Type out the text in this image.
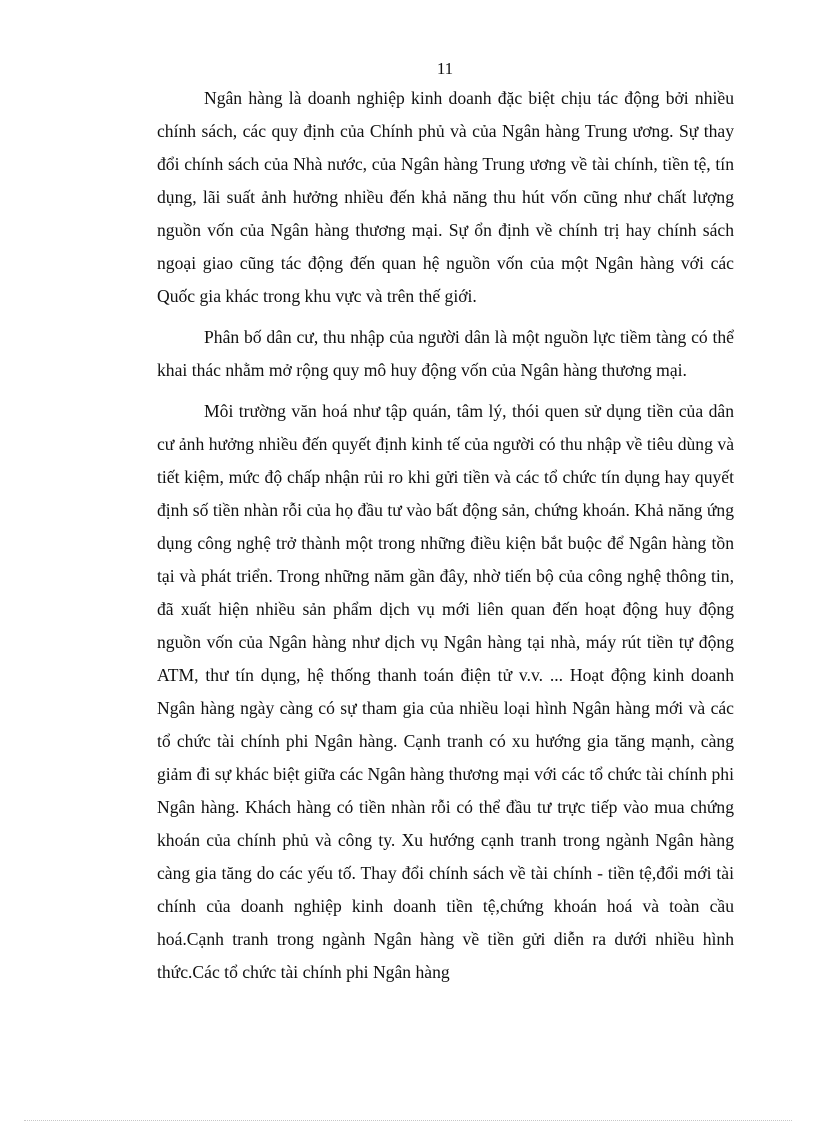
11

Ngân hàng là doanh nghiệp kinh doanh đặc biệt chịu tác động bởi nhiều chính sách, các quy định của Chính phủ và của Ngân hàng Trung ương. Sự thay đổi chính sách của Nhà nước, của Ngân hàng Trung ương về tài chính, tiền tệ, tín dụng, lãi suất ảnh hưởng nhiều đến khả năng thu hút vốn cũng như chất lượng nguồn vốn của Ngân hàng thương mại. Sự ổn định về chính trị hay chính sách ngoại giao cũng tác động đến quan hệ nguồn vốn của một Ngân hàng với các Quốc gia khác trong khu vực và trên thế giới.

Phân bố dân cư, thu nhập của người dân là một nguồn lực tiềm tàng có thể khai thác nhằm mở rộng quy mô huy động vốn của Ngân hàng thương mại.

Môi trường văn hoá như tập quán, tâm lý, thói quen sử dụng tiền của dân cư ảnh hưởng nhiều đến quyết định kinh tế của người có thu nhập về tiêu dùng và tiết kiệm, mức độ chấp nhận rủi ro khi gửi tiền và các tổ chức tín dụng hay quyết định số tiền nhàn rỗi của họ đầu tư vào bất động sản, chứng khoán. Khả năng ứng dụng công nghệ trở thành một trong những điều kiện bắt buộc để Ngân hàng tồn tại và phát triển. Trong những năm gần đây, nhờ tiến bộ của công nghệ thông tin, đã xuất hiện nhiều sản phẩm dịch vụ mới liên quan đến hoạt động huy động nguồn vốn của Ngân hàng như dịch vụ Ngân hàng tại nhà, máy rút tiền tự động ATM, thư tín dụng, hệ thống thanh toán điện tử v.v. ... Hoạt động kinh doanh Ngân hàng ngày càng có sự tham gia của nhiều loại hình Ngân hàng mới và các tổ chức tài chính phi Ngân hàng. Cạnh tranh có xu hướng gia tăng mạnh, càng giảm đi sự khác biệt giữa các Ngân hàng thương mại với các tổ chức tài chính phi Ngân hàng. Khách hàng có tiền nhàn rỗi có thể đầu tư trực tiếp vào mua chứng khoán của chính phủ và công ty. Xu hướng cạnh tranh trong ngành Ngân hàng càng gia tăng do các yếu tố. Thay đổi chính sách về tài chính - tiền tệ,đổi mới tài chính của doanh nghiệp kinh doanh tiền tệ,chứng khoán hoá và toàn cầu hoá.Cạnh tranh trong ngành Ngân hàng về tiền gửi diễn ra dưới nhiều hình thức.Các tổ chức tài chính phi Ngân hàng
